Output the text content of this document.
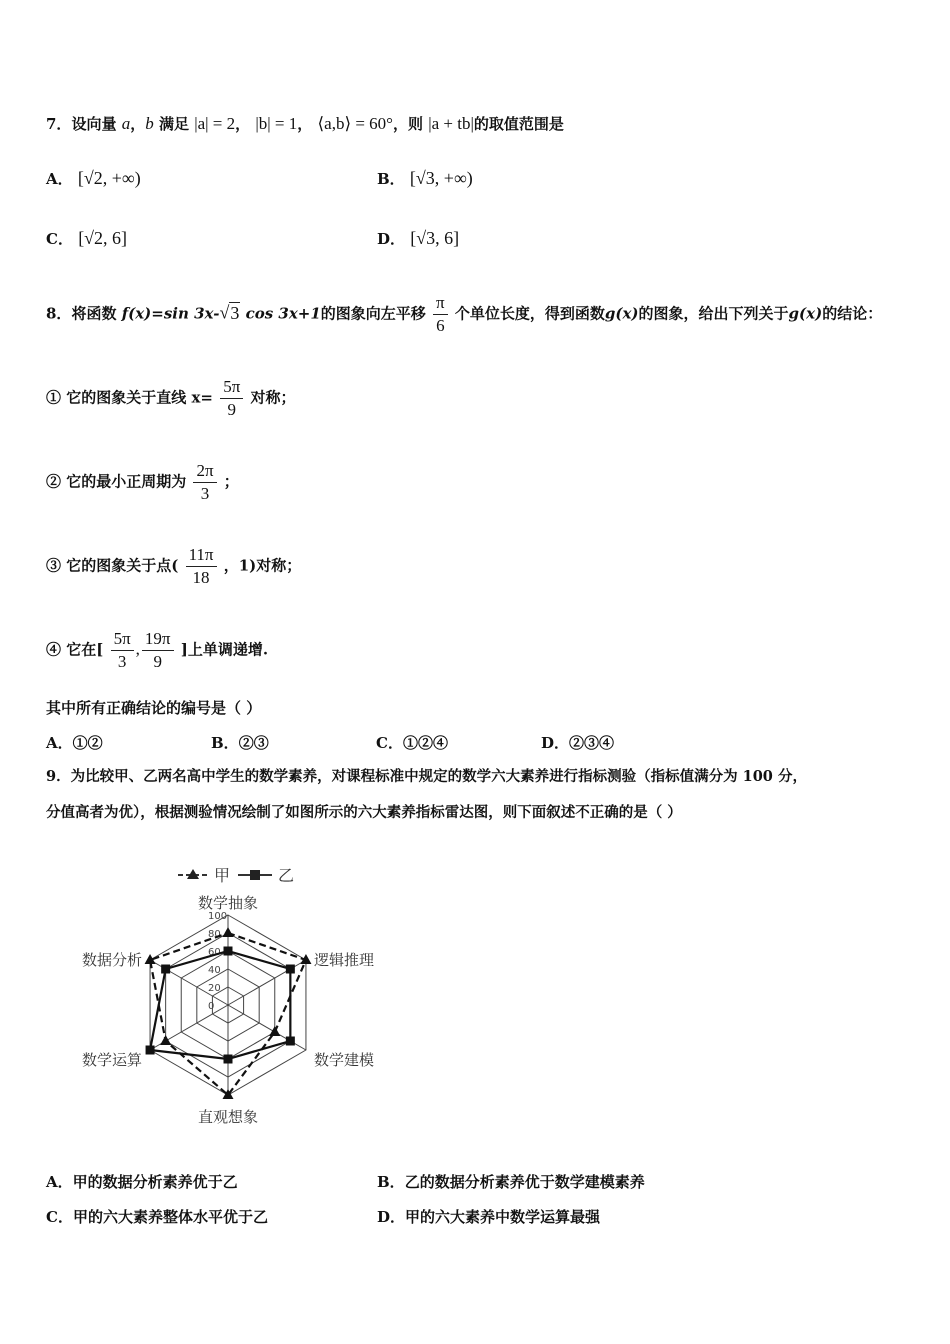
7．设向量 a，b 满足 |a| = 2， |b| = 1， ⟨a,b⟩ = 60°，则 |a + tb|的取值范围是
A． [√2, +∞)	B． [√3, +∞)
C． [√2, 6]	D． [√3, 6]
8．将函数 f(x)=sin 3x-√3 cos 3x+1的图象向左平移 $\frac{\pi}{6}$ 个单位长度，得到函数g(x)的图象，给出下列关于g(x)的结论：
① 它的图象关于直线 $x= \frac{5\pi}{9}$ 对称；
② 它的最小正周期为 $\frac{2\pi}{3}$ ；
③ 它的图象关于点( $\frac{11\pi}{18}$ ，1)对称；
④ 它在[ $\frac{5\pi}{3}$ , $\frac{19\pi}{9}$ ]上单调递增.
其中所有正确结论的编号是（ ）
A．①②	B．②③	C．①②④	D．②③④
9．为比较甲、乙两名高中学生的数学素养，对课程标准中规定的数学六大素养进行指标测验（指标值满分为 100 分，
分值高者为优），根据测验情况绘制了如图所示的六大素养指标雷达图，则下面叙述不正确的是（ ）
甲	乙
0
20
40
60
80
100
数学抽象
逻辑推理
数学建模
直观想象
数学运算
数据分析
A．甲的数据分析素养优于乙	B．乙的数据分析素养优于数学建模素养
C．甲的六大素养整体水平优于乙	D．甲的六大素养中数学运算最强
